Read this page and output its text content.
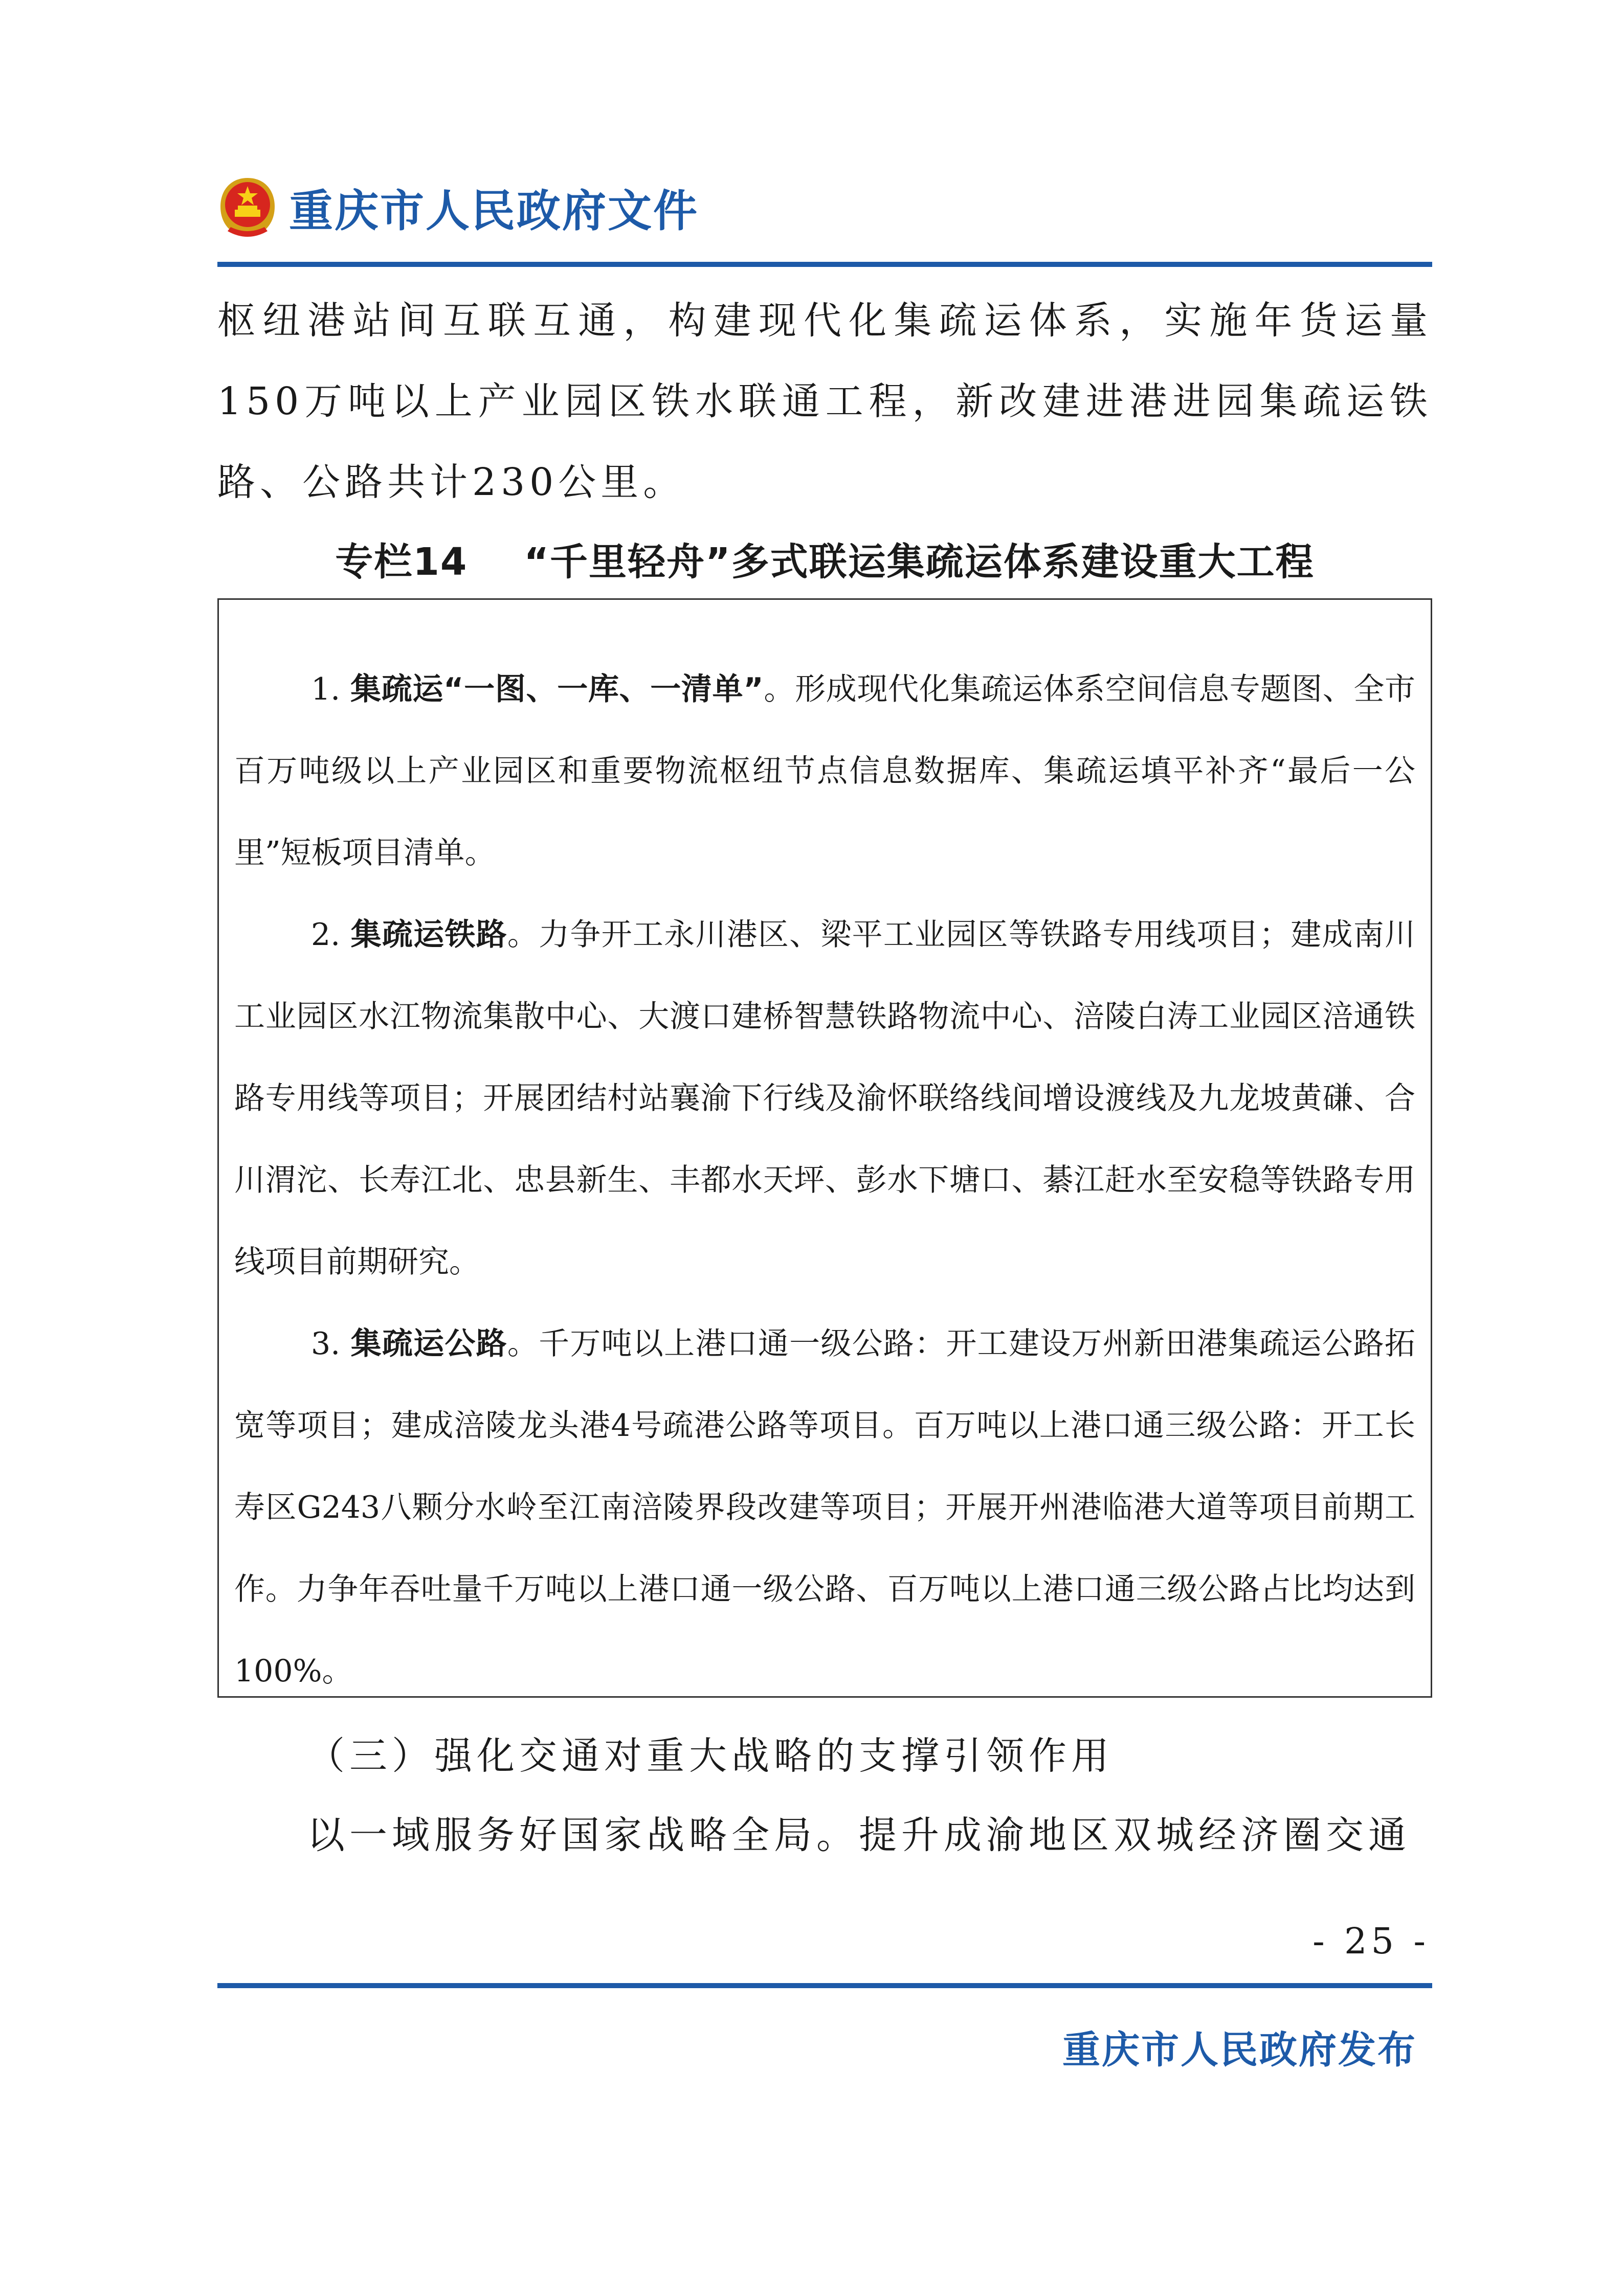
重庆市人民政府文件

枢纽港站间互联互通，构建现代化集疏运体系，实施年货运量150万吨以上产业园区铁水联通工程，新改建进港进园集疏运铁路、公路共计230公里。

专栏14 “千里轻舟”多式联运集疏运体系建设重大工程

1. 集疏运“一图、一库、一清单”。形成现代化集疏运体系空间信息专题图、全市百万吨级以上产业园区和重要物流枢纽节点信息数据库、集疏运填平补齐“最后一公里”短板项目清单。

2. 集疏运铁路。力争开工永川港区、梁平工业园区等铁路专用线项目；建成南川工业园区水江物流集散中心、大渡口建桥智慧铁路物流中心、涪陵白涛工业园区涪通铁路专用线等项目；开展团结村站襄渝下行线及渝怀联络线间增设渡线及九龙坡黄磏、合川渭沱、长寿江北、忠县新生、丰都水天坪、彭水下塘口、綦江赶水至安稳等铁路专用线项目前期研究。

3. 集疏运公路。千万吨以上港口通一级公路：开工建设万州新田港集疏运公路拓宽等项目；建成涪陵龙头港4号疏港公路等项目。百万吨以上港口通三级公路：开工长寿区G243八颗分水岭至江南涪陵界段改建等项目；开展开州港临港大道等项目前期工作。力争年吞吐量千万吨以上港口通一级公路、百万吨以上港口通三级公路占比均达到100%。

（三）强化交通对重大战略的支撑引领作用
以一域服务好国家战略全局。提升成渝地区双城经济圈交通
- 25 -
重庆市人民政府发布
